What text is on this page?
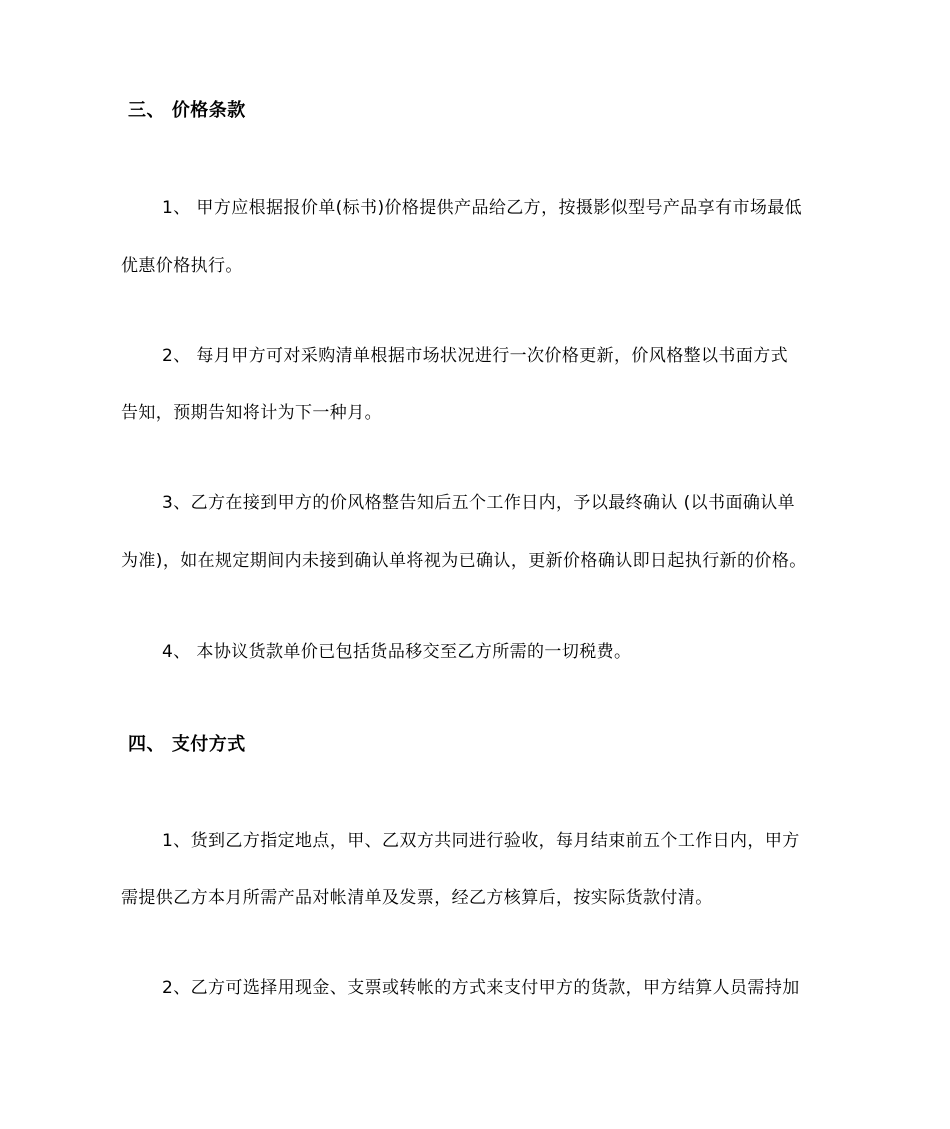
三、 价格条款
1、 甲方应根据报价单(标书)价格提供产品给乙方，按摄影似型号产品享有市场最低
优惠价格执行。
2、 每月甲方可对采购清单根据市场状况进行一次价格更新，价风格整以书面方式
告知，预期告知将计为下一种月。
3、乙方在接到甲方的价风格整告知后五个工作日内，予以最终确认 (以书面确认单
为准)，如在规定期间内未接到确认单将视为已确认，更新价格确认即日起执行新的价格。
4、 本协议货款单价已包括货品移交至乙方所需的一切税费。
四、 支付方式
1、货到乙方指定地点，甲、乙双方共同进行验收，每月结束前五个工作日内，甲方
需提供乙方本月所需产品对帐清单及发票，经乙方核算后，按实际货款付清。
2、乙方可选择用现金、支票或转帐的方式来支付甲方的货款，甲方结算人员需持加
